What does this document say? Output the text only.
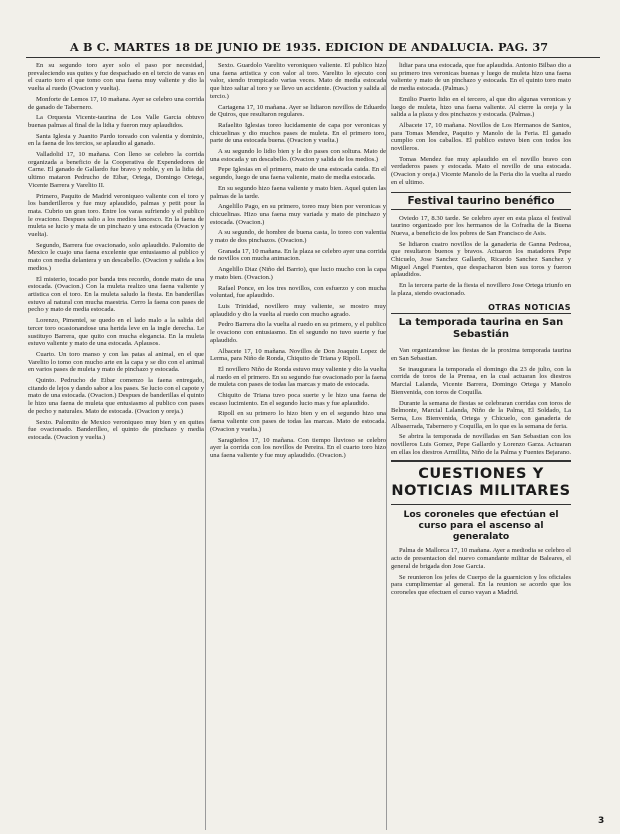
A B C. MARTES 18 DE JUNIO DE 1935. EDICION DE ANDALUCIA. PAG. 37

En su segundo toro ayer solo el paso por necesidad, prevaleciendo sus quites y fue despachado en el tercio de varas en el cuarto toro el que tomo con una faena muy valiente y dio la vuelta al ruedo (Ovacion y vuelta).

Monforte de Lemos 17, 10 mañana. Ayer se celebro una corrida de ganado de Tabernero.

La Orquesta Vicente-taurina de Los Valle Garcia obtuvo buenas palmas al final de la lidia y fueron muy aplaudidos.

Santa Iglesia y Juanito Pardo toreado con valentia y dominio, en la faena de los tercios, se aplaudio al ganado.

Valladolid 17, 10 mañana. Con lleno se celebro la corrida organizada a beneficio de la Cooperativa de Expendedores de Carne. El ganado de Gallardo fue bravo y noble, y en la lidia del ultimo mataron Pedrucho de Eibar, Ortega, Domingo Ortega, Vicente Barrera y Varelito II.

Primero, Paquito de Madrid veroniqueo valiente con el toro y los banderilleros y fue muy aplaudido, palmas y petit pour la mata. Cubrio un gran toro. Entre los varas sufriendo y el publico le ovaciono. Despues salio a los medios lancesco. En la faena de muleta se lucio y mata de un pinchazo y una estocada (Ovacion y vuelta).

Segundo, Barrera fue ovacionado, solo aplaudido. Palomito de Mexico le cuajo una faena excelente que entusiasmo al publico y mato con media delantera y un descabello. (Ovacion y salida a los medios.)

El misterio, tocado por banda tres recordo, donde mato de una estocada. (Ovacion.) Con la muleta realizo una faena valiente y artistica con el toro. En la muleta saludo la fiesta. En banderillas estuvo al natural con mucha maestria. Cerro la faena con pases de pecho y mato de media estocada.

Lorenzo, Pimentel, se quedo en el lado malo a la salida del tercer toro ocasionandose una herida leve en la ingle derecha. Le sustituyo Barrera, que quito con mucha elegancia. En la muleta estuvo valiente y mato de una estocada. Aplausos.

Cuarto. Un toro manso y con las patas al animal, en el que Varelito lo tomo con mucho arte en la capa y se dio con el animal en varios pases de muleta y mato de pinchazo y estocada.

Quinto. Pedrucho de Eibar comenzo la faena entregado, citando de lejos y dando sabor a los pases. Se lucio con el capote y mato de una estocada. (Ovacion.) Despues de banderillas el quinto le hizo una faena de muleta que entusiasmo al publico con pases de pecho y naturales. Mato de estocada. (Ovacion y oreja.)

Sexto. Palomito de Mexico veroniqueo muy bien y en quites fue ovacionado. Banderilleo, el quinto de pinchazo y media estocada. (Ovacion y vuelta.)

Sexto. Guardolo Varelito veroniqueo valiente. El publico hizo una faena artistica y con valor al toro. Varelito lo ejecuto con valor, siendo trompicado varias veces. Mato de media estocada que hizo saltar al toro y se llevo un accidente. (Ovacion y salida al tercio.)

Cartagena 17, 10 mañana. Ayer se lidiaron novillos de Eduardo de Quiros, que resultaron regulares.

Rafaelito Iglesias toreo lucidamente de capa por veronicas y chicuelinas y dio muchos pases de muleta. En el primero toro, parte de una estocada buena. (Ovacion y vuelta.)

A su segundo lo lidio bien y le dio pases con soltura. Mato de una estocada y un descabello. (Ovacion y salida de los medios.)

Pepe Iglesias en el primero, mato de una estocada caida. En el segundo, luego de una faena valiente, mato de media estocada.

En su segundo hizo faena valiente y mato bien. Aquel quien las palmas de la tarde.

Angelillo Pago, en su primero, toreo muy bien por veronicas y chicuelinas. Hizo una faena muy variada y mato de pinchazo y estocada. (Ovacion.)

A su segundo, de hombre de buena casta, lo toreo con valentia y mato de dos pinchazos. (Ovacion.)

Granada 17, 10 mañana. En la plaza se celebro ayer una corrida de novillos con mucha animacion.

Angelillo Diaz (Niño del Barrio), que lucio mucho con la capa y mato bien. (Ovacion.)

Rafael Ponce, en los tres novillos, con esfuerzo y con mucha voluntad, fue aplaudido.

Luis Trinidad, novillero muy valiente, se mostro muy aplaudido y dio la vuelta al ruedo con mucho agrado.

Pedro Barrera dio la vuelta al ruedo en su primero, y el publico le ovaciono con entusiasmo. En el segundo no tuvo suerte y fue aplaudido.

Albacete 17, 10 mañana. Novillos de Don Joaquin Lopez de Lerma, para Niño de Ronda, Chiquito de Triana y Ripoll.

El novillero Niño de Ronda estuvo muy valiente y dio la vuelta al ruedo en el primero. En su segundo fue ovacionado por la faena de muleta con pases de todas las marcas y mato de estocada.

Chiquito de Triana tuvo poca suerte y le hizo una faena de escaso lucimiento. En el segundo lucio mas y fue aplaudido.

Ripoll en su primero lo hizo bien y en el segundo hizo una faena valiente con pases de todas las marcas. Mato de estocada. (Ovacion y vuelta.)

Saragüeños 17, 10 mañana. Con tiempo lluvioso se celebro ayer la corrida con los novillos de Pereira. En el cuarto toro hizo una faena valiente y fue muy aplaudido. (Ovacion.)

lidiar para una estocada, que fue aplaudida. Antonio Bilbao dio a su primero tres veronicas buenas y luego de muleta hizo una faena valiente y mato de un pinchazo y estocada. En el quinto toro mato de media estocada. (Palmas.)

Emilio Puerto lidio en el tercero, al que dio algunas veronicas y luego de muleta, hizo una faena valiente. Al cierre la oreja y la salida a la plaza y dos pinchazos y estocada. (Palmas.)

Albacete 17, 10 mañana. Novillos de Los Hermanos de Santos, para Tomas Mendez, Paquito y Manolo de la Feria. El ganado cumplio con los caballos. El publico estuvo bien con todos los novilleros.

Tomas Mendez fue muy aplaudido en el novillo bravo con verdaderos pases y estocada. Mato el novillo de una estocada. (Ovacion y oreja.) Vicente Manolo de la Feria dio la vuelta al ruedo en el ultimo.

Festival taurino benéfico

Oviedo 17, 8.30 tarde. Se celebro ayer en esta plaza el festival taurino organizado por los hermanos de la Cofradia de la Buena Nueva, a beneficio de los pobres de San Francisco de Asis.

Se lidiaron cuatro novillos de la ganaderia de Ganna Pedrosa, que resultaron buenos y bravos. Actuaron los matadores Pepe Chicuelo, Jose Sanchez Gallardo, Ricardo Sanchez Sanchez y Miguel Angel Fuentes, que despacharon bien sus toros y fueron aplaudidos.

En la tercera parte de la fiesta el novillero Jose Ortega triunfo en la plaza, siendo ovacionado.

OTRAS NOTICIAS
La temporada taurina en San Sebastián

Van organizandose las fiestas de la proxima temporada taurina en San Sebastian.

Se inaugurara la temporada el domingo dia 23 de julio, con la corrida de toros de la Prensa, en la cual actuaran los diestros Marcial Lalanda, Vicente Barrera, Domingo Ortega y Manolo Bienvenida, con toros de Coquilla.

Durante la semana de fiestas se celebraran corridas con toros de Belmonte, Marcial Lalanda, Niño de la Palma, El Soldado, La Serna, Los Bienvenida, Ortega y Chicuelo, con ganaderia de Albaserrada, Tabernero y Coquilla, en lo que es la semana de feria.

Se abrira la temporada de novilladas en San Sebastian con los novilleros Luis Gomez, Pepe Gallardo y Lorenzo Garza. Actuaran en ellas los diestros Armillita, Niño de la Palma y Fuentes Bejarano.

CUESTIONES Y NOTICIAS MILITARES
Los coroneles que efectúan el curso para el ascenso al generalato

Palma de Mallorca 17, 10 mañana. Ayer a mediodia se celebro el acto de presentacion del nuevo comandante militar de Baleares, el general de brigada don Jose Garcia.

Se reunieron los jefes de Cuerpo de la guarnicion y los oficiales para cumplimentar al general. En la reunion se acordo que los coroneles que efectuen el curso vayan a Madrid.

3
